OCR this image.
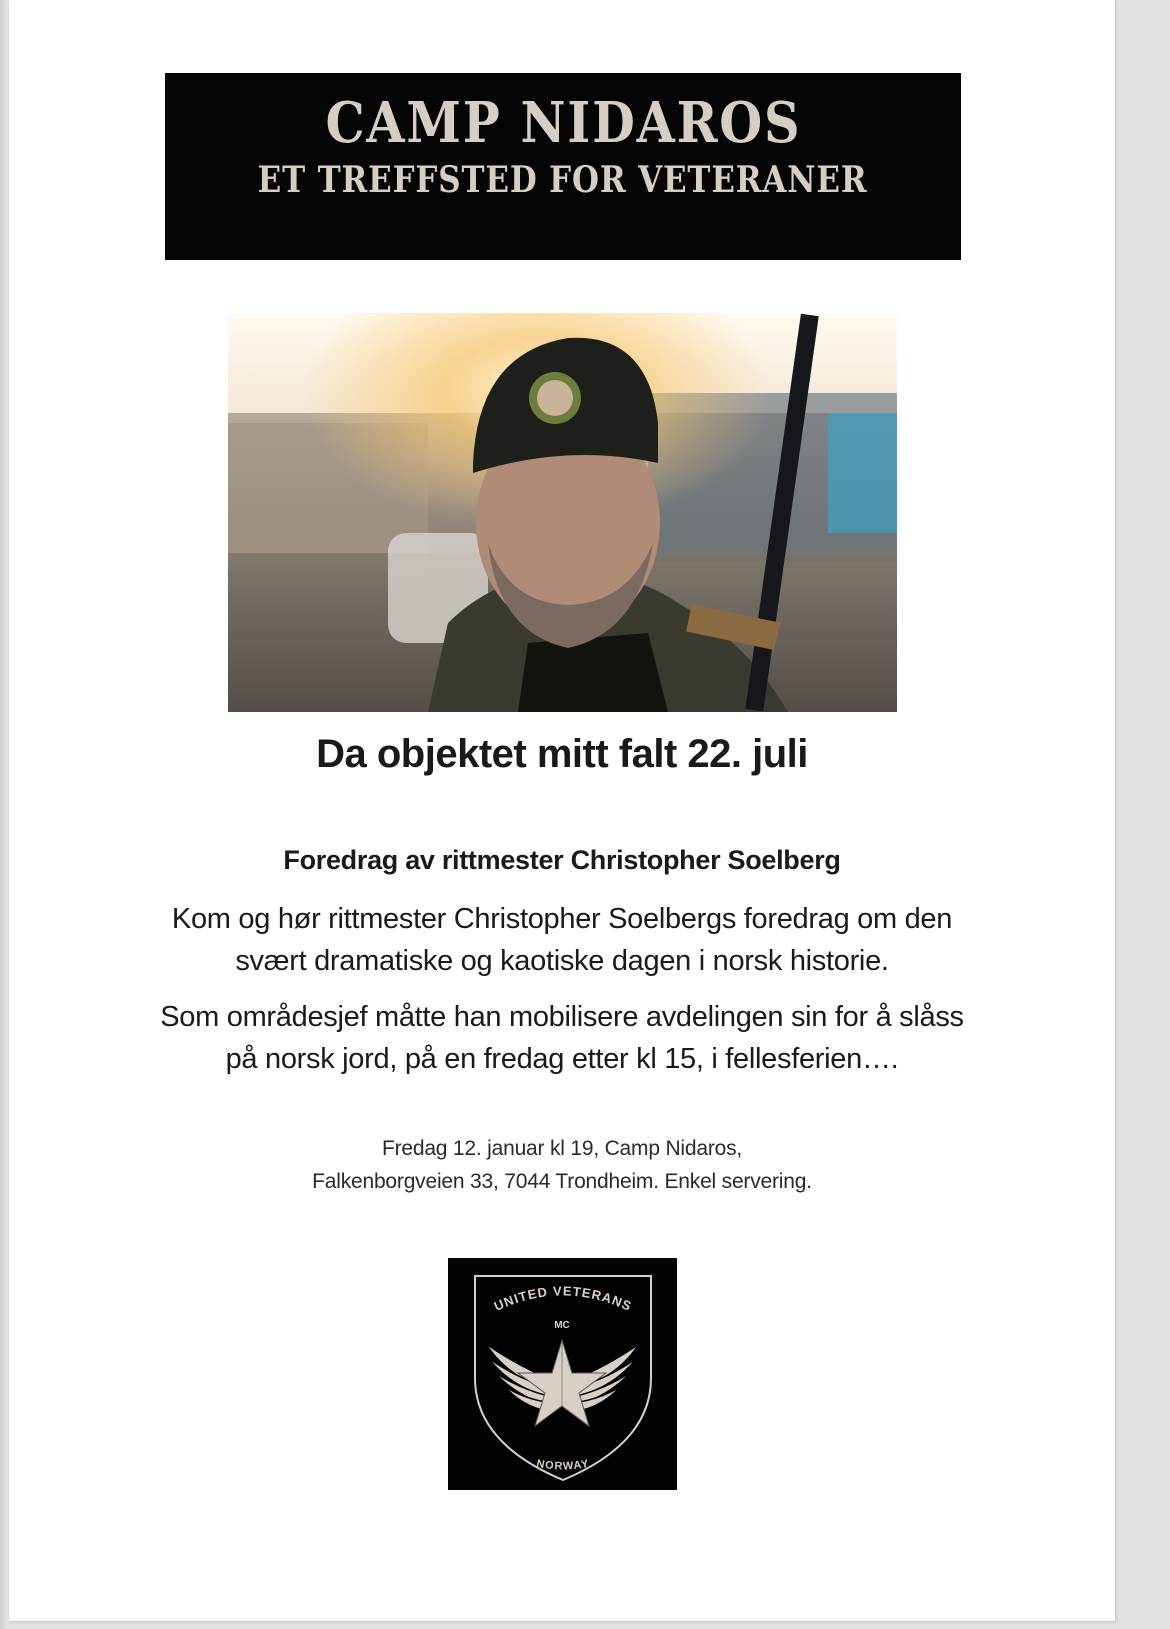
CAMP NIDAROS
ET TREFFSTED FOR VETERANER
Da objektet mitt falt 22. juli
Foredrag av rittmester Christopher Soelberg
Kom og hør rittmester Christopher Soelbergs foredrag om den
svært dramatiske og kaotiske dagen i norsk historie.
Som områdesjef måtte han mobilisere avdelingen sin for å slåss
på norsk jord, på en fredag etter kl 15, i fellesferien….
Fredag 12. januar kl 19, Camp Nidaros,
Falkenborgveien 33, 7044 Trondheim. Enkel servering.
UNITED VETERANS
MC
NORWAY
